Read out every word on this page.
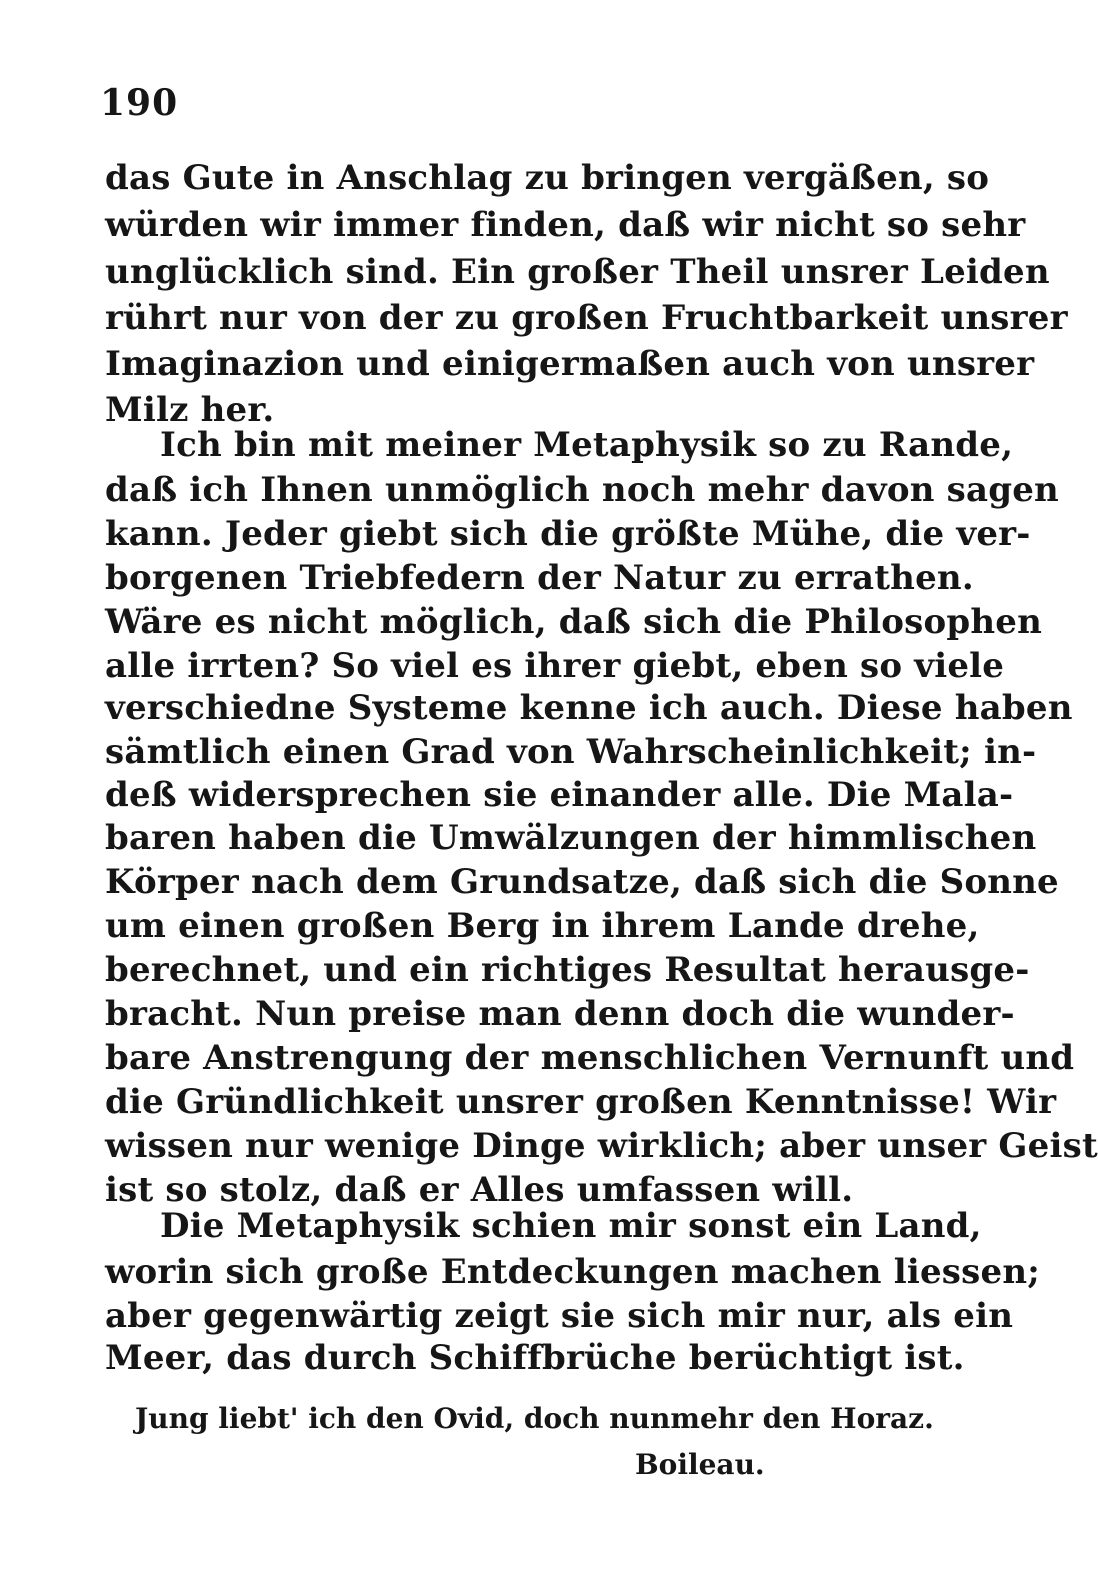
190
das Gute in Anschlag zu bringen vergäßen, so
würden wir immer finden, daß wir nicht so sehr
unglücklich sind. Ein großer Theil unsrer Leiden
rührt nur von der zu großen Fruchtbarkeit unsrer
Imaginazion und einigermaßen auch von unsrer
Milz her.
Ich bin mit meiner Metaphysik so zu Rande,
daß ich Ihnen unmöglich noch mehr davon sagen
kann. Jeder giebt sich die größte Mühe, die ver-
borgenen Triebfedern der Natur zu errathen.
Wäre es nicht möglich, daß sich die Philosophen
alle irrten? So viel es ihrer giebt, eben so viele
verschiedne Systeme kenne ich auch. Diese haben
sämtlich einen Grad von Wahrscheinlichkeit; in-
deß widersprechen sie einander alle. Die Mala-
baren haben die Umwälzungen der himmlischen
Körper nach dem Grundsatze, daß sich die Sonne
um einen großen Berg in ihrem Lande drehe,
berechnet, und ein richtiges Resultat herausge-
bracht. Nun preise man denn doch die wunder-
bare Anstrengung der menschlichen Vernunft und
die Gründlichkeit unsrer großen Kenntnisse! Wir
wissen nur wenige Dinge wirklich; aber unser Geist
ist so stolz, daß er Alles umfassen will.
Die Metaphysik schien mir sonst ein Land,
worin sich große Entdeckungen machen liessen;
aber gegenwärtig zeigt sie sich mir nur, als ein
Meer, das durch Schiffbrüche berüchtigt ist.
Jung liebt' ich den Ovid, doch nunmehr den Horaz.
Boileau.
